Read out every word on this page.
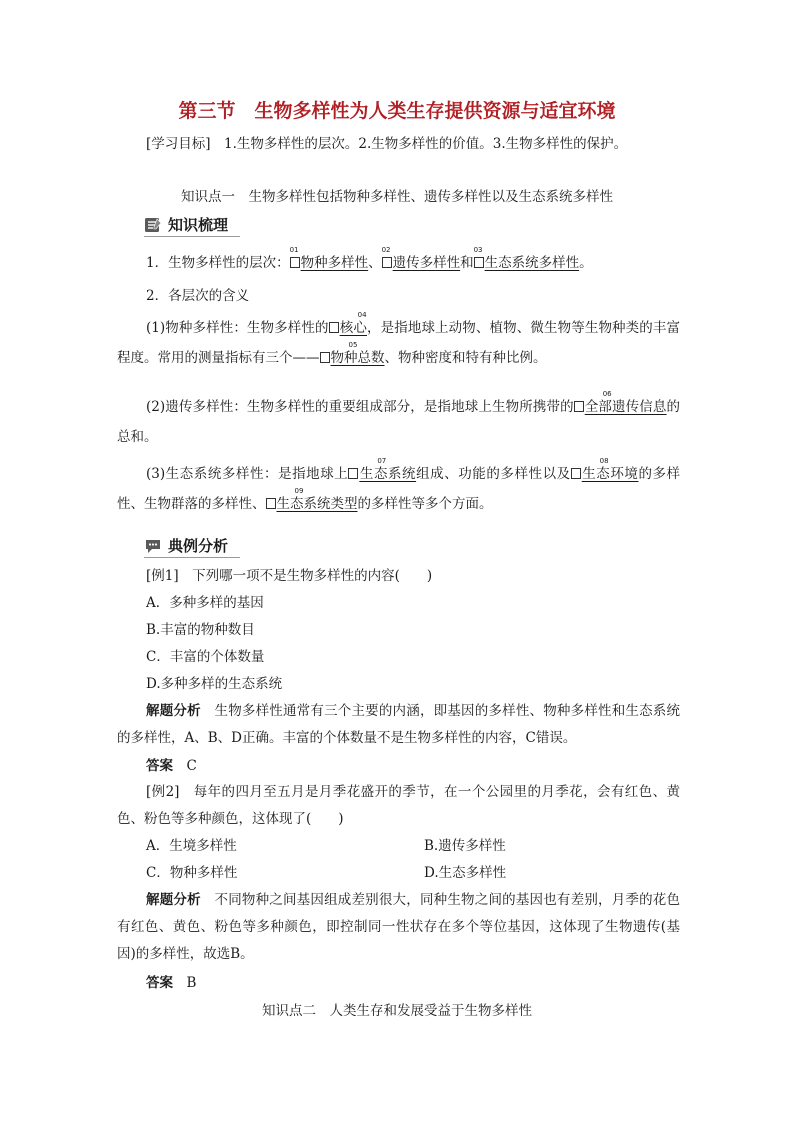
第三节　生物多样性为人类生存提供资源与适宜环境
[学习目标]　1.生物多样性的层次。2.生物多样性的价值。3.生物多样性的保护。
知识点一　生物多样性包括物种多样性、遗传多样性以及生态系统多样性
知识梳理
1．生物多样性的层次：
01
物种多样性、
02
遗传多样性和
03
生态系统多样性。
2．各层次的含义
(1)物种多样性：生物多样性的
04
核心，是指地球上动物、植物、微生物等生物种类的丰富程度。常用的测量指标有三个——
05
物种总数、物种密度和特有种比例。
(2)遗传多样性：生物多样性的重要组成部分，是指地球上生物所携带的
06
全部遗传信息的总和。
(3)生态系统多样性：是指地球上
07
生态系统组成、功能的多样性以及
08
生态环境的多样性、生物群落的多样性、
09
生态系统类型的多样性等多个方面。
典例分析
[例1]　下列哪一项不是生物多样性的内容(　　)
A．多种多样的基因
B.丰富的物种数目
C．丰富的个体数量
D.多种多样的生态系统
解题分析　生物多样性通常有三个主要的内涵，即基因的多样性、物种多样性和生态系统的多样性，A、B、D正确。丰富的个体数量不是生物多样性的内容，C错误。
答案　C
[例2]　每年的四月至五月是月季花盛开的季节，在一个公园里的月季花，会有红色、黄色、粉色等多种颜色，这体现了(　　)
A．生境多样性	B.遗传多样性
C．物种多样性	D.生态多样性
解题分析　不同物种之间基因组成差别很大，同种生物之间的基因也有差别，月季的花色有红色、黄色、粉色等多种颜色，即控制同一性状存在多个等位基因，这体现了生物遗传(基因)的多样性，故选B。
答案　B
知识点二　人类生存和发展受益于生物多样性
